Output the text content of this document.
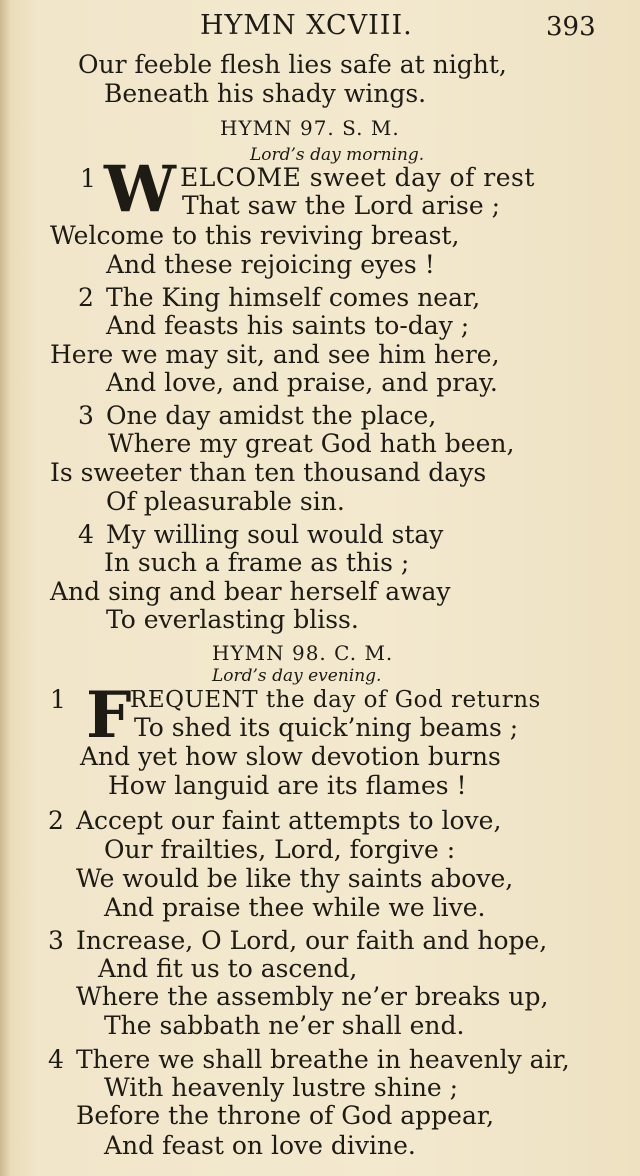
HYMN XCVIII.	393
Our feeble flesh lies safe at night,
Beneath his shady wings.
HYMN 97. S. M.
Lord’s day morning.
1 W ELCOME sweet day of rest
That saw the Lord arise ;
Welcome to this reviving breast,
And these rejoicing eyes !
2 The King himself comes near,
And feasts his saints to-day ;
Here we may sit, and see him here,
And love, and praise, and pray.
3 One day amidst the place,
Where my great God hath been,
Is sweeter than ten thousand days
Of pleasurable sin.
4 My willing soul would stay
In such a frame as this ;
And sing and bear herself away
To everlasting bliss.
HYMN 98. C. M.
Lord’s day evening.
1 F
REQUENT the day of God returns
To shed its quick’ning beams ;
And yet how slow devotion burns
How languid are its flames !
2 Accept our faint attempts to love,
Our frailties, Lord, forgive :
We would be like thy saints above,
And praise thee while we live.
3 Increase, O Lord, our faith and hope,
And fit us to ascend,
Where the assembly ne’er breaks up,
The sabbath ne’er shall end.
4 There we shall breathe in heavenly air,
With heavenly lustre shine ;
Before the throne of God appear,
And feast on love divine.
